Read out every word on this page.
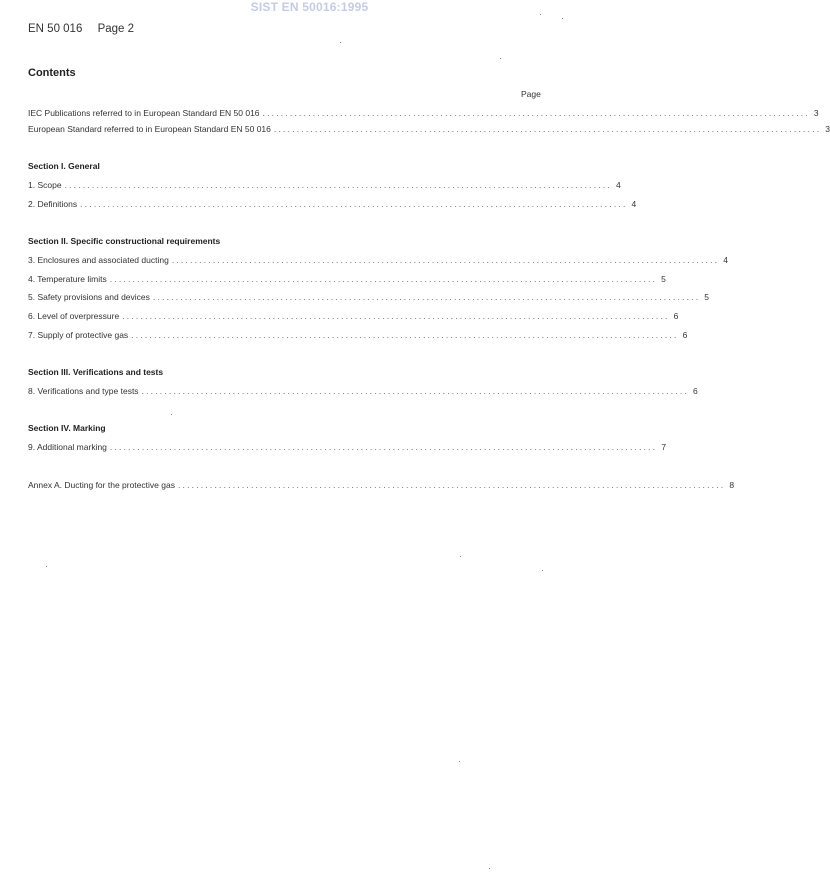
SIST EN 50016:1995
EN 50 016 Page 2
Contents
Page
IEC Publications referred to in European Standard EN 50 016 ........................................................................................................................ 3
European Standard referred to in European Standard EN 50 016 ........................................................................................................................ 3
Section I. General
1. Scope ........................................................................................................................ 4
2. Definitions ........................................................................................................................ 4
Section II. Specific constructional requirements
3. Enclosures and associated ducting ........................................................................................................................ 4
4. Temperature limits ........................................................................................................................ 5
5. Safety provisions and devices ........................................................................................................................ 5
6. Level of overpressure ........................................................................................................................ 6
7. Supply of protective gas ........................................................................................................................ 6
Section III. Verifications and tests
8. Verifications and type tests ........................................................................................................................ 6
Section IV. Marking
9. Additional marking ........................................................................................................................ 7
Annex A. Ducting for the protective gas ........................................................................................................................ 8
